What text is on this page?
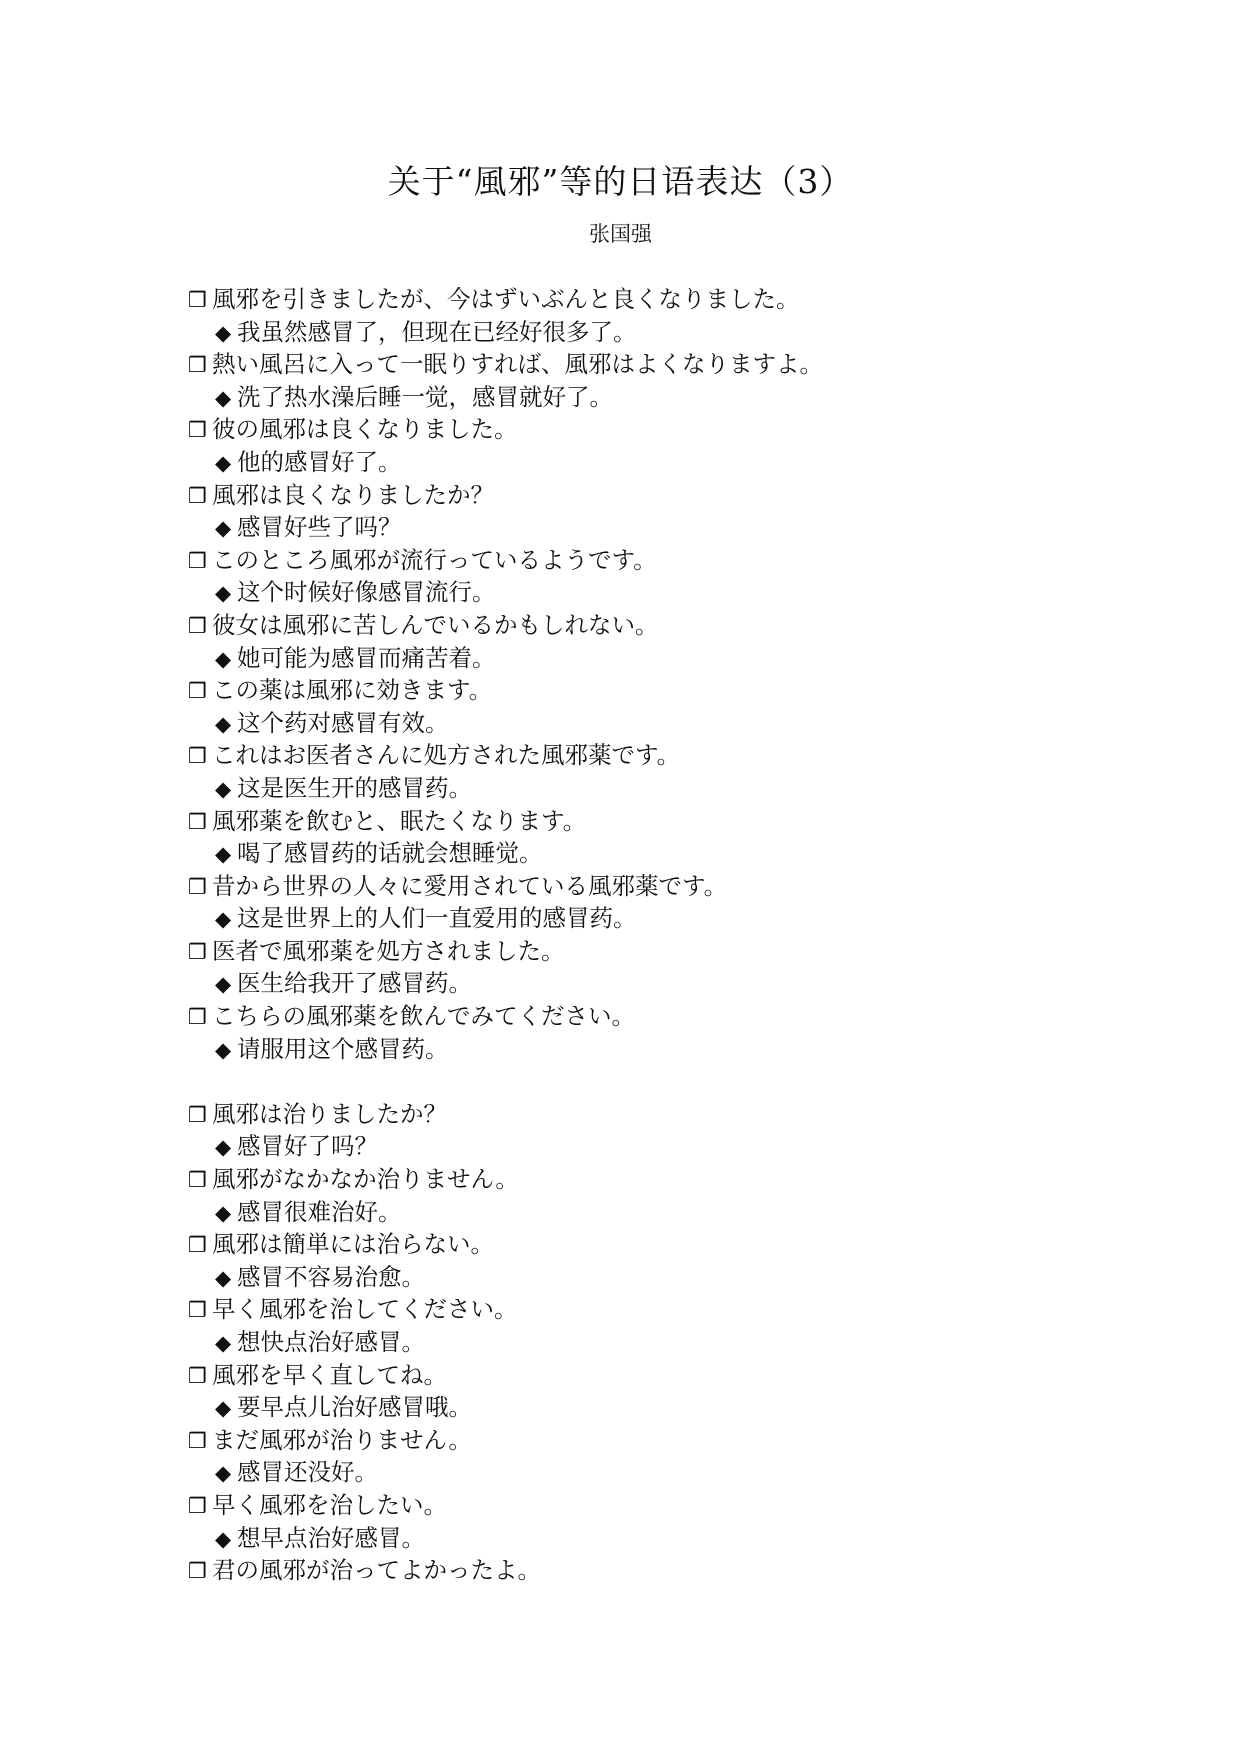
关于“風邪”等的日语表达（3）
张国强
❒ 風邪を引きましたが、今はずいぶんと良くなりました。
◆ 我虽然感冒了，但现在已经好很多了。
❒ 熱い風呂に入って一眠りすれば、風邪はよくなりますよ。
◆ 洗了热水澡后睡一觉，感冒就好了。
❒ 彼の風邪は良くなりました。
◆ 他的感冒好了。
❒ 風邪は良くなりましたか？
◆ 感冒好些了吗？
❒ このところ風邪が流行っているようです。
◆ 这个时候好像感冒流行。
❒ 彼女は風邪に苦しんでいるかもしれない。
◆ 她可能为感冒而痛苦着。
❒ この薬は風邪に効きます。
◆ 这个药对感冒有效。
❒ これはお医者さんに処方された風邪薬です。
◆ 这是医生开的感冒药。
❒ 風邪薬を飲むと、眠たくなります。
◆ 喝了感冒药的话就会想睡觉。
❒ 昔から世界の人々に愛用されている風邪薬です。
◆ 这是世界上的人们一直爱用的感冒药。
❒ 医者で風邪薬を処方されました。
◆ 医生给我开了感冒药。
❒ こちらの風邪薬を飲んでみてください。
◆ 请服用这个感冒药。
❒ 風邪は治りましたか？
◆ 感冒好了吗？
❒ 風邪がなかなか治りません。
◆ 感冒很难治好。
❒ 風邪は簡単には治らない。
◆ 感冒不容易治愈。
❒ 早く風邪を治してください。
◆ 想快点治好感冒。
❒ 風邪を早く直してね。
◆ 要早点儿治好感冒哦。
❒ まだ風邪が治りません。
◆ 感冒还没好。
❒ 早く風邪を治したい。
◆ 想早点治好感冒。
❒ 君の風邪が治ってよかったよ。
